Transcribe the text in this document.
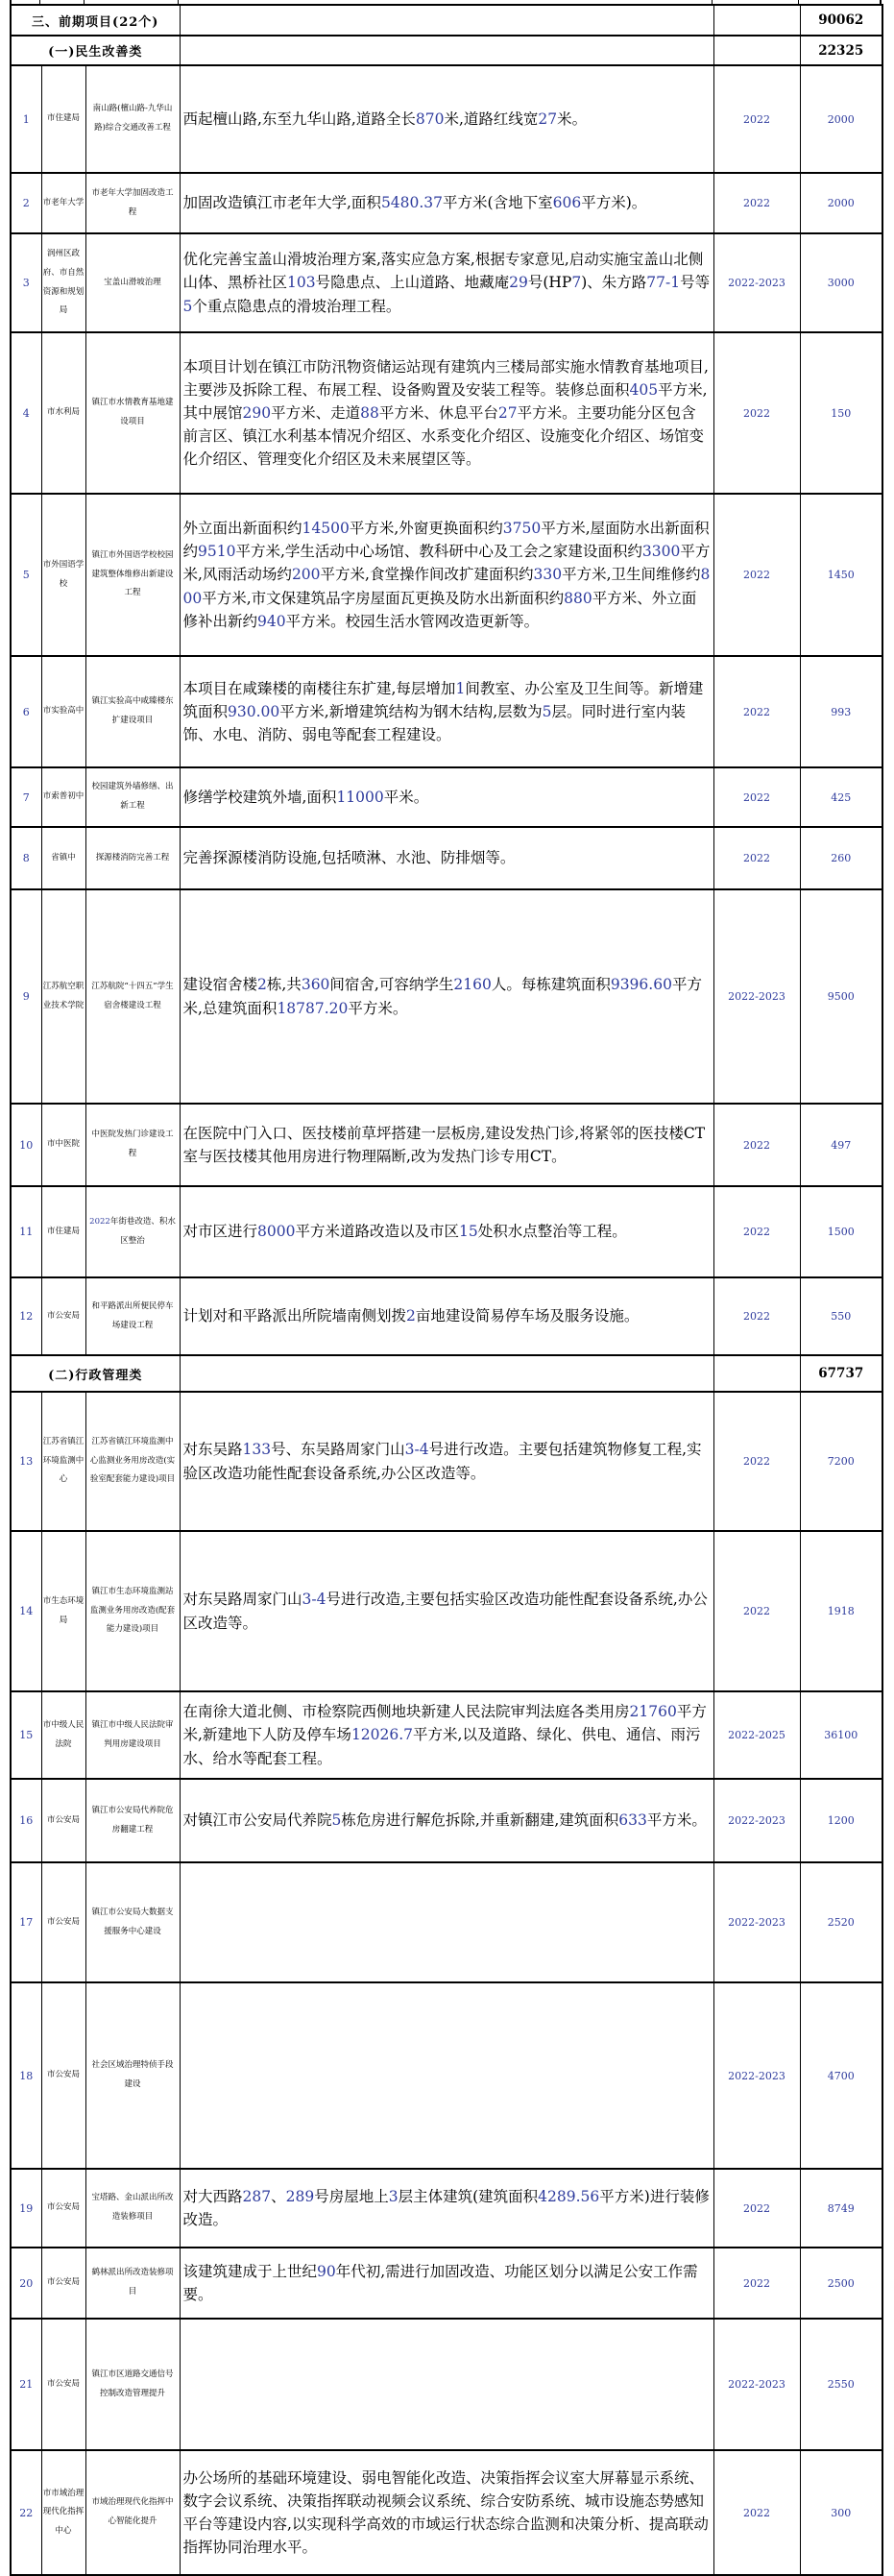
三、前期项目(22个)					90062
(一)民生改善类					22325
1	市住建局	南山路(檀山路-九华山路)综合交通改善工程	西起檀山路,东至九华山路,道路全长870米,道路红线宽27米。	2022	2000
2	市老年大学	市老年大学加固改造工程	加固改造镇江市老年大学,面积5480.37平方米(含地下室606平方米)。	2022	2000
3	润州区政府、市自然资源和规划局	宝盖山滑坡治理	优化完善宝盖山滑坡治理方案,落实应急方案,根据专家意见,启动实施宝盖山北侧山体、黑桥社区103号隐患点、上山道路、地藏庵29号(HP7)、朱方路77-1号等5个重点隐患点的滑坡治理工程。	2022-2023	3000
4	市水利局	镇江市水情教育基地建设项目	本项目计划在镇江市防汛物资储运站现有建筑内三楼局部实施水情教育基地项目,主要涉及拆除工程、布展工程、设备购置及安装工程等。装修总面积405平方米,其中展馆290平方米、走道88平方米、休息平台27平方米。主要功能分区包含前言区、镇江水利基本情况介绍区、水系变化介绍区、设施变化介绍区、场馆变化介绍区、管理变化介绍区及未来展望区等。	2022	150
5	市外国语学校	镇江市外国语学校校园建筑整体维修出新建设工程	外立面出新面积约14500平方米,外窗更换面积约3750平方米,屋面防水出新面积约9510平方米,学生活动中心场馆、教科研中心及工会之家建设面积约3300平方米,风雨活动场约200平方米,食堂操作间改扩建面积约330平方米,卫生间维修约800平方米,市文保建筑品字房屋面瓦更换及防水出新面积约880平方米、外立面修补出新约940平方米。校园生活水管网改造更新等。	2022	1450
6	市实验高中	镇江实验高中咸臻楼东扩建设项目	本项目在咸臻楼的南楼往东扩建,每层增加1间教室、办公室及卫生间等。新增建筑面积930.00平方米,新增建筑结构为钢木结构,层数为5层。同时进行室内装饰、水电、消防、弱电等配套工程建设。	2022	993
7	市索普初中	校园建筑外墙修缮、出新工程	修缮学校建筑外墙,面积11000平米。	2022	425
8	省镇中	探源楼消防完善工程	完善探源楼消防设施,包括喷淋、水池、防排烟等。	2022	260
9	江苏航空职业技术学院	江苏航院“十四五”学生宿舍楼建设工程	建设宿舍楼2栋,共360间宿舍,可容纳学生2160人。每栋建筑面积9396.60平方米,总建筑面积18787.20平方米。	2022-2023	9500
10	市中医院	中医院发热门诊建设工程	在医院中门入口、医技楼前草坪搭建一层板房,建设发热门诊,将紧邻的医技楼CT室与医技楼其他用房进行物理隔断,改为发热门诊专用CT。	2022	497
11	市住建局	2022年街巷改造、积水区整治	对市区进行8000平方米道路改造以及市区15处积水点整治等工程。	2022	1500
12	市公安局	和平路派出所便民停车场建设工程	计划对和平路派出所院墙南侧划拨2亩地建设简易停车场及服务设施。	2022	550
(二)行政管理类					67737
13	江苏省镇江环境监测中心	江苏省镇江环境监测中心监测业务用房改造(实验室配套能力建设)项目	对东吴路133号、东吴路周家门山3-4号进行改造。主要包括建筑物修复工程,实验区改造功能性配套设备系统,办公区改造等。	2022	7200
14	市生态环境局	镇江市生态环境监测站监测业务用房改造(配套能力建设)项目	对东吴路周家门山3-4号进行改造,主要包括实验区改造功能性配套设备系统,办公区改造等。	2022	1918
15	市中级人民法院	镇江市中级人民法院审判用房建设项目	在南徐大道北侧、市检察院西侧地块新建人民法院审判法庭各类用房21760平方米,新建地下人防及停车场12026.7平方米,以及道路、绿化、供电、通信、雨污水、给水等配套工程。	2022-2025	36100
16	市公安局	镇江市公安局代养院危房翻建工程	对镇江市公安局代养院5栋危房进行解危拆除,并重新翻建,建筑面积633平方米。	2022-2023	1200
17	市公安局	镇江市公安局大数据支援服务中心建设		2022-2023	2520
18	市公安局	社会区域治理特侦手段建设		2022-2023	4700
19	市公安局	宝塔路、金山派出所改造装修项目	对大西路287、289号房屋地上3层主体建筑(建筑面积4289.56平方米)进行装修改造。	2022	8749
20	市公安局	鹤林派出所改造装修项目	该建筑建成于上世纪90年代初,需进行加固改造、功能区划分以满足公安工作需要。	2022	2500
21	市公安局	镇江市区道路交通信号控制改造管理提升		2022-2023	2550
22	市市域治理现代化指挥中心	市域治理现代化指挥中心智能化提升	办公场所的基础环境建设、弱电智能化改造、决策指挥会议室大屏幕显示系统、数字会议系统、决策指挥联动视频会议系统、综合安防系统、城市设施态势感知平台等建设内容,以实现科学高效的市域运行状态综合监测和决策分析、提高联动指挥协同治理水平。	2022	300
